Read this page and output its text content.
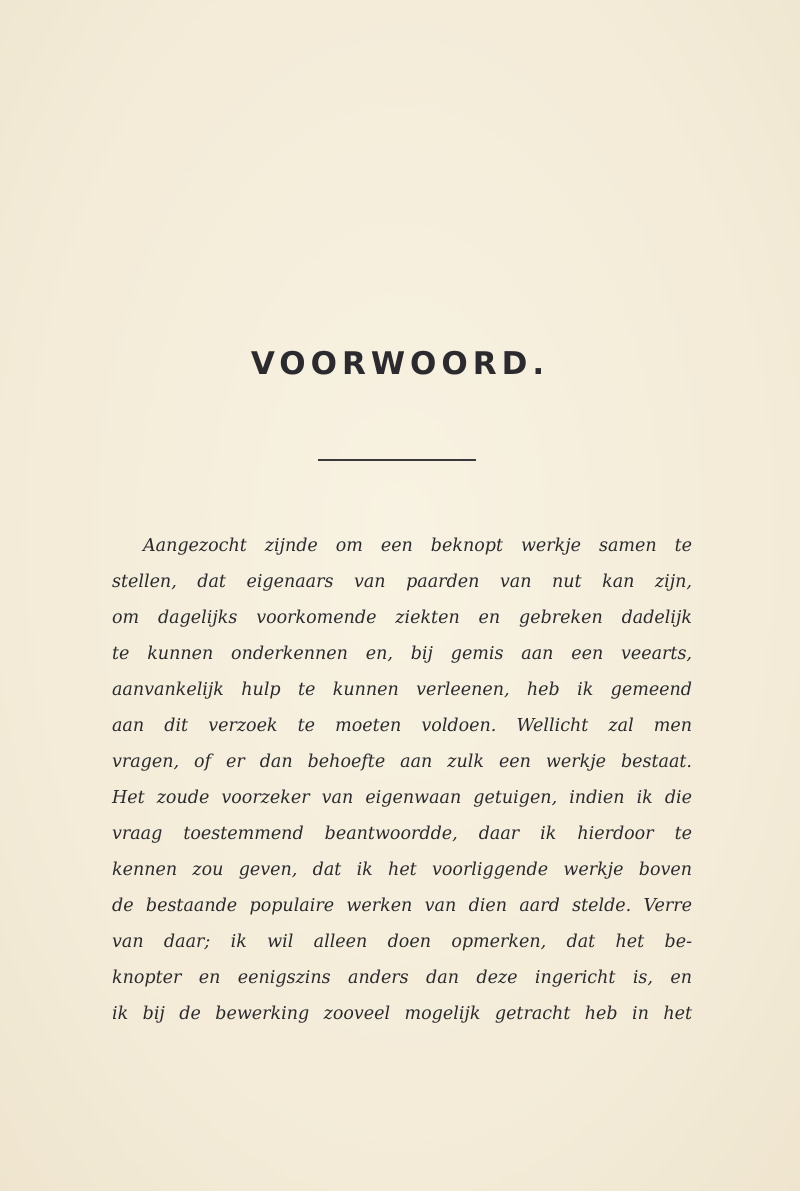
VOORWOORD.
Aangezocht zijnde om een beknopt werkje samen te
stellen, dat eigenaars van paarden van nut kan zijn,
om dagelijks voorkomende ziekten en gebreken dadelijk
te kunnen onderkennen en, bij gemis aan een veearts,
aanvankelijk hulp te kunnen verleenen, heb ik gemeend
aan dit verzoek te moeten voldoen. Wellicht zal men
vragen, of er dan behoefte aan zulk een werkje bestaat.
Het zoude voorzeker van eigenwaan getuigen, indien ik die
vraag toestemmend beantwoordde, daar ik hierdoor te
kennen zou geven, dat ik het voorliggende werkje boven
de bestaande populaire werken van dien aard stelde. Verre
van daar; ik wil alleen doen opmerken, dat het be-
knopter en eenigszins anders dan deze ingericht is, en
ik bij de bewerking zooveel mogelijk getracht heb in het
